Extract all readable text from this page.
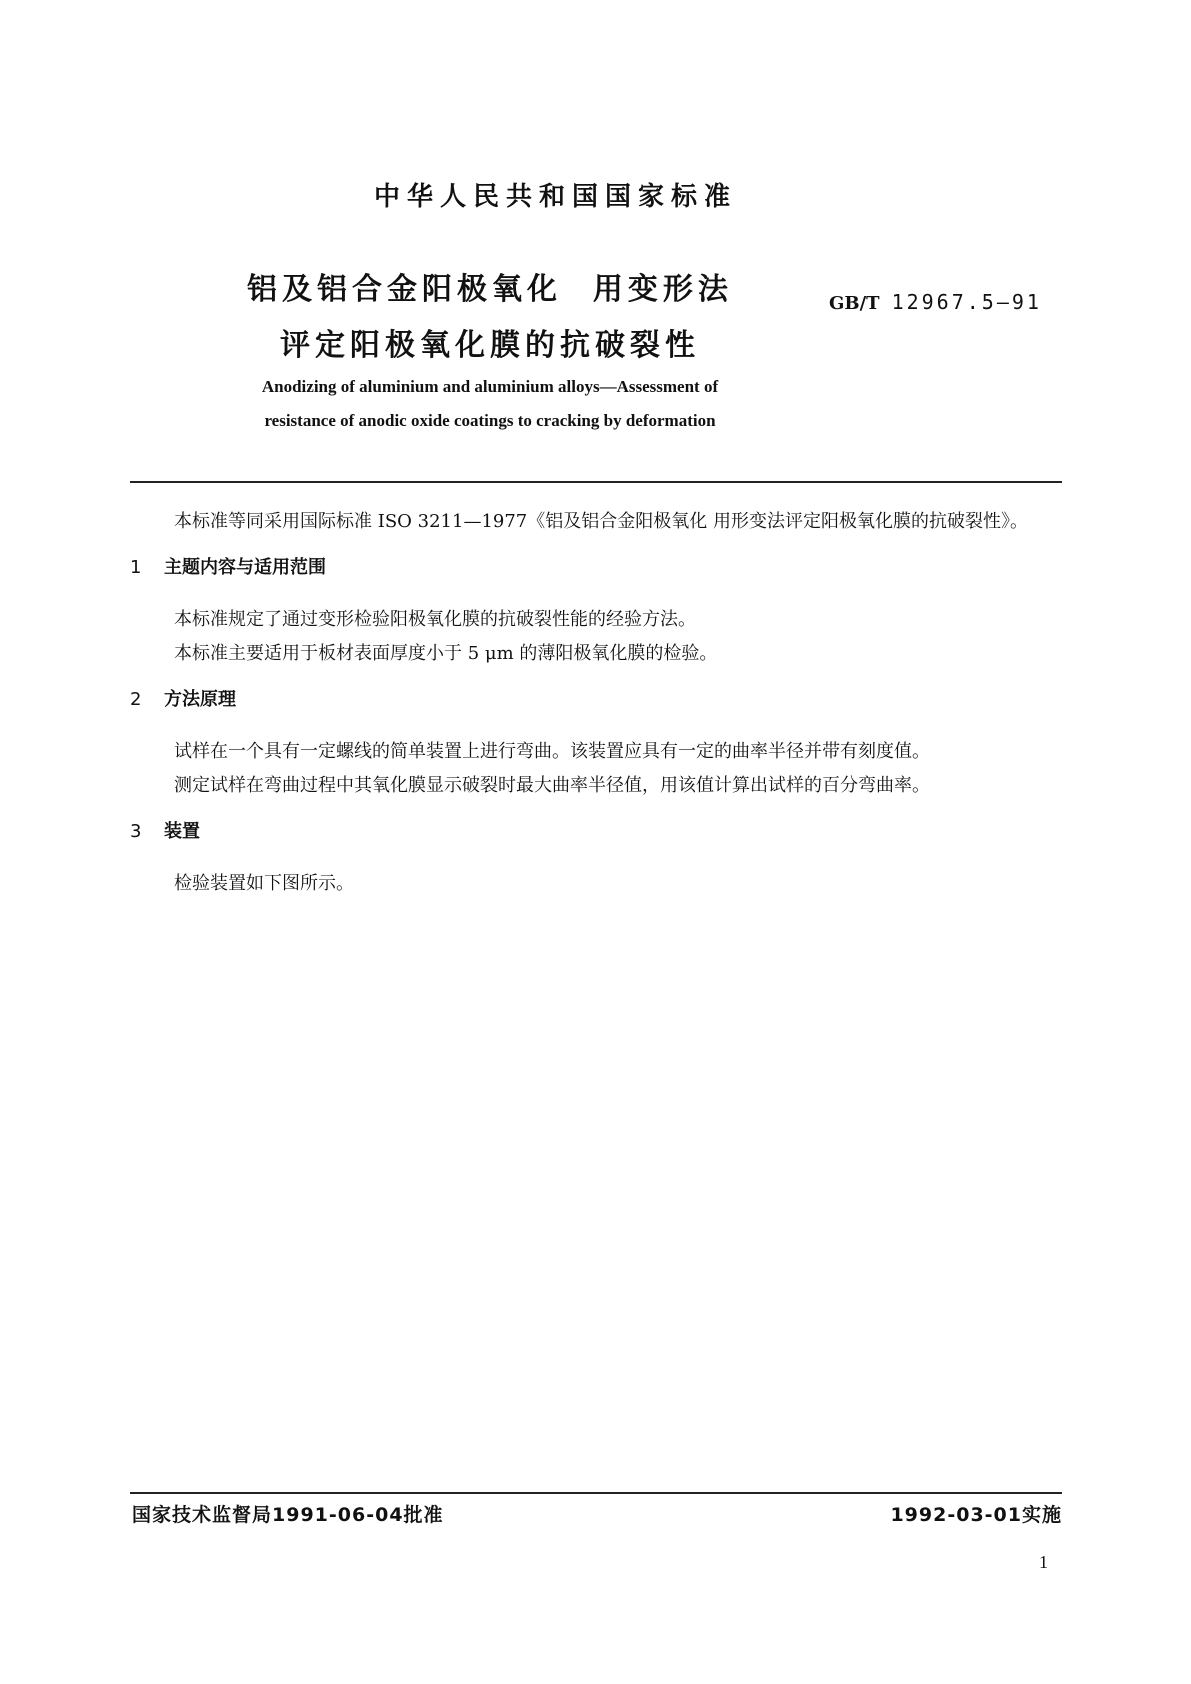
中华人民共和国国家标准
铝及铝合金阳极氧化  用变形法
评定阳极氧化膜的抗破裂性
GB/T 12967.5—91
Anodizing of aluminium and aluminium alloys—Assessment of
resistance of anodic oxide coatings to cracking by deformation

本标准等同采用国际标准 ISO 3211—1977《铝及铝合金阳极氧化 用形变法评定阳极氧化膜的抗破裂性》。

1 主题内容与适用范围

本标准规定了通过变形检验阳极氧化膜的抗破裂性能的经验方法。

本标准主要适用于板材表面厚度小于 5 μm 的薄阳极氧化膜的检验。

2 方法原理

试样在一个具有一定螺线的简单装置上进行弯曲。该装置应具有一定的曲率半径并带有刻度值。

测定试样在弯曲过程中其氧化膜显示破裂时最大曲率半径值，用该值计算出试样的百分弯曲率。

3 装置

检验装置如下图所示。

国家技术监督局1991-06-04批准	1992-03-01实施
1
